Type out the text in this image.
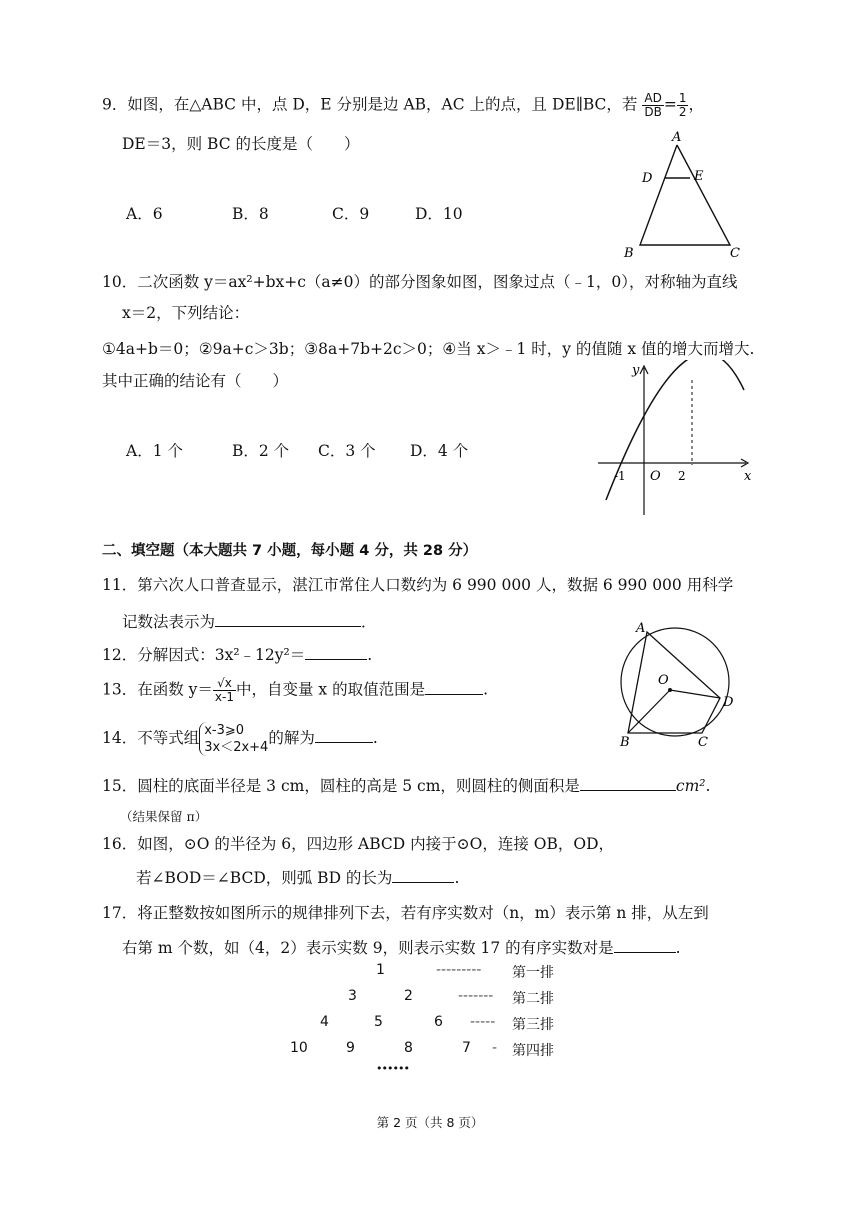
9．如图，在△ABC 中，点 D，E 分别是边 AB，AC 上的点，且 DE∥BC，若 $\frac{AD}{DB} = \frac{1}{2}$ ，
DE＝3，则 BC 的长度是（　　）
A．6	B．8	C．9	D．10
A
D	E
B	C
10．二次函数 y＝ax²+bx+c（a≠0）的部分图象如图，图象过点（﹣1，0），对称轴为直线
x＝2，下列结论：
①4a+b＝0；②9a+c＞3b；③8a+7b+2c＞0；④当 x＞﹣1 时，y 的值随 x 值的增大而增大.
其中正确的结论有（　　）
A．1 个	B．2 个 C．3 个 D．4 个
y
x
O
-1	2
二、填空题（本大题共 7 小题，每小题 4 分，共 28 分）
11．第六次人口普查显示，湛江市常住人口数约为 6 990 000 人，数据 6 990 000 用科学
记数法表示为	．
12．分解因式：3x²﹣12y²＝	.
13．在函数 $y= \frac{√x}{x-1}$ 中，自变量 x 的取值范围是	.
14．不等式组 x-3⩾0
3x＜2x+4
的解为	.
A
O
D
B	C
15．圆柱的底面半径是 3 cm，圆柱的高是 5 cm，则圆柱的侧面积是	cm².
（结果保留 π）
16．如图，⊙O 的半径为 6，四边形 ABCD 内接于⊙O，连接 OB，OD，
若∠BOD＝∠BCD，则弧 BD 的长为	.
17．将正整数按如图所示的规律排列下去，若有序实数对（n，m）表示第 n 排，从左到
右第 m 个数，如（4，2）表示实数 9，则表示实数 17 的有序实数对是	.
1	--------- 第一排
3	2	------- 第二排
4	5	6 ----- 第三排
10	9	8	7 - 第四排
••••••
第 2 页（共 8 页）
